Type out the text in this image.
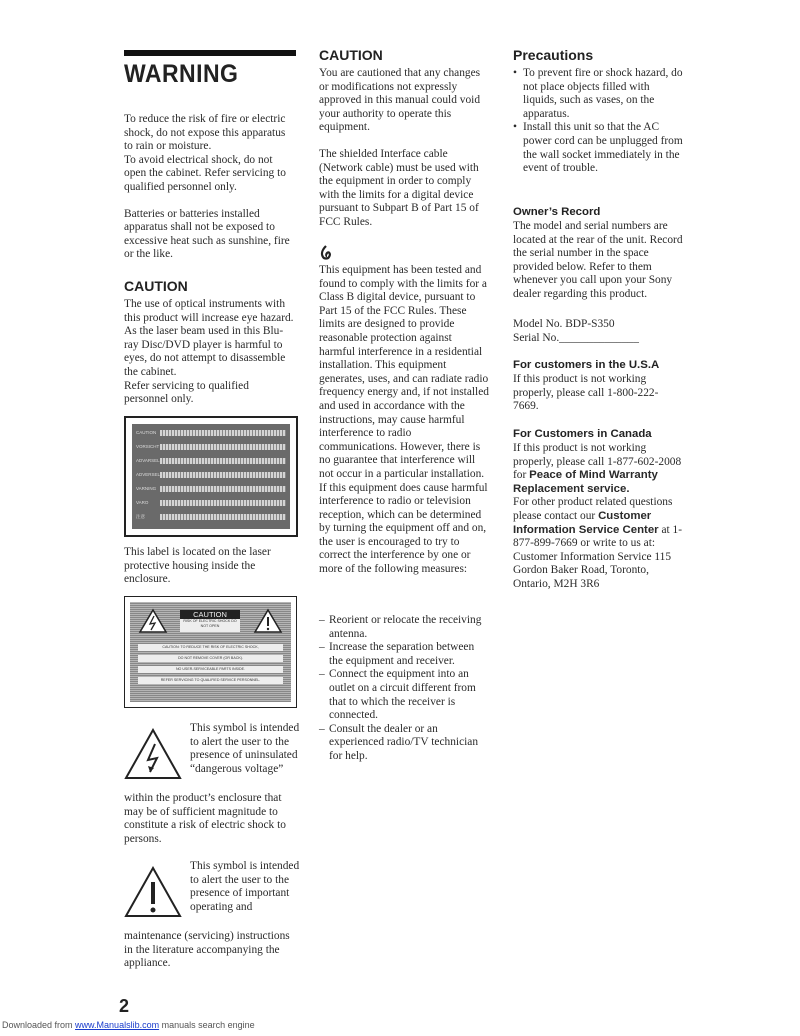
WARNING

To reduce the risk of fire or electric shock, do not expose this apparatus to rain or moisture.

To avoid electrical shock, do not open the cabinet. Refer servicing to qualified personnel only.

Batteries or batteries installed apparatus shall not be exposed to excessive heat such as sunshine, fire or the like.

CAUTION

The use of optical instruments with this product will increase eye hazard. As the laser beam used in this Blu-ray Disc/DVD player is harmful to eyes, do not attempt to disassemble the cabinet.

Refer servicing to qualified personnel only.

CAUTION
VORSICHT
ADVARSEL
ADVERSEL
VARNING
VARO
注意
This label is located on the laser protective housing inside the enclosure.
CAUTION
RISK OF ELECTRIC SHOCK DO NOT OPEN
CAUTION: TO REDUCE THE RISK OF ELECTRIC SHOCK,
DO NOT REMOVE COVER (OR BACK).
NO USER-SERVICEABLE PARTS INSIDE.
REFER SERVICING TO QUALIFIED SERVICE PERSONNEL.
This symbol is intended to alert the user to the presence of uninsulated “dangerous voltage”
within the product’s enclosure that may be of sufficient magnitude to constitute a risk of electric shock to persons.
This symbol is intended to alert the user to the presence of important operating and
maintenance (servicing) instructions in the literature accompanying the appliance.
CAUTION

You are cautioned that any changes or modifications not expressly approved in this manual could void your authority to operate this equipment.

The shielded Interface cable (Network cable) must be used with the equipment in order to comply with the limits for a digital device pursuant to Subpart B of Part 15 of FCC Rules.

This equipment has been tested and found to comply with the limits for a Class B digital device, pursuant to Part 15 of the FCC Rules. These limits are designed to provide reasonable protection against harmful interference in a residential installation. This equipment generates, uses, and can radiate radio frequency energy and, if not installed and used in accordance with the instructions, may cause harmful interference to radio communications. However, there is no guarantee that interference will not occur in a particular installation. If this equipment does cause harmful interference to radio or television reception, which can be determined by turning the equipment off and on, the user is encouraged to try to correct the interference by one or more of the following measures:
– Reorient or relocate the receiving antenna.
– Increase the separation between the equipment and receiver.
– Connect the equipment into an outlet on a circuit different from that to which the receiver is connected.
– Consult the dealer or an experienced radio/TV technician for help.
Precautions
• To prevent fire or shock hazard, do not place objects filled with liquids, such as vases, on the apparatus.
• Install this unit so that the AC power cord can be unplugged from the wall socket immediately in the event of trouble.
Owner’s Record
The model and serial numbers are located at the rear of the unit. Record the serial number in the space provided below. Refer to them whenever you call upon your Sony dealer regarding this product.
Model No. BDP-S350
Serial No.______________
For customers in the U.S.A
If this product is not working properly, please call 1-800-222-7669.
For Customers in Canada
If this product is not working properly, please call 1-877-602-2008 for Peace of Mind Warranty Replacement service.
For other product related questions please contact our Customer Information Service Center at 1-877-899-7669 or write to us at: Customer Information Service 115 Gordon Baker Road, Toronto, Ontario, M2H 3R6
2
Downloaded from www.Manualslib.com manuals search engine
